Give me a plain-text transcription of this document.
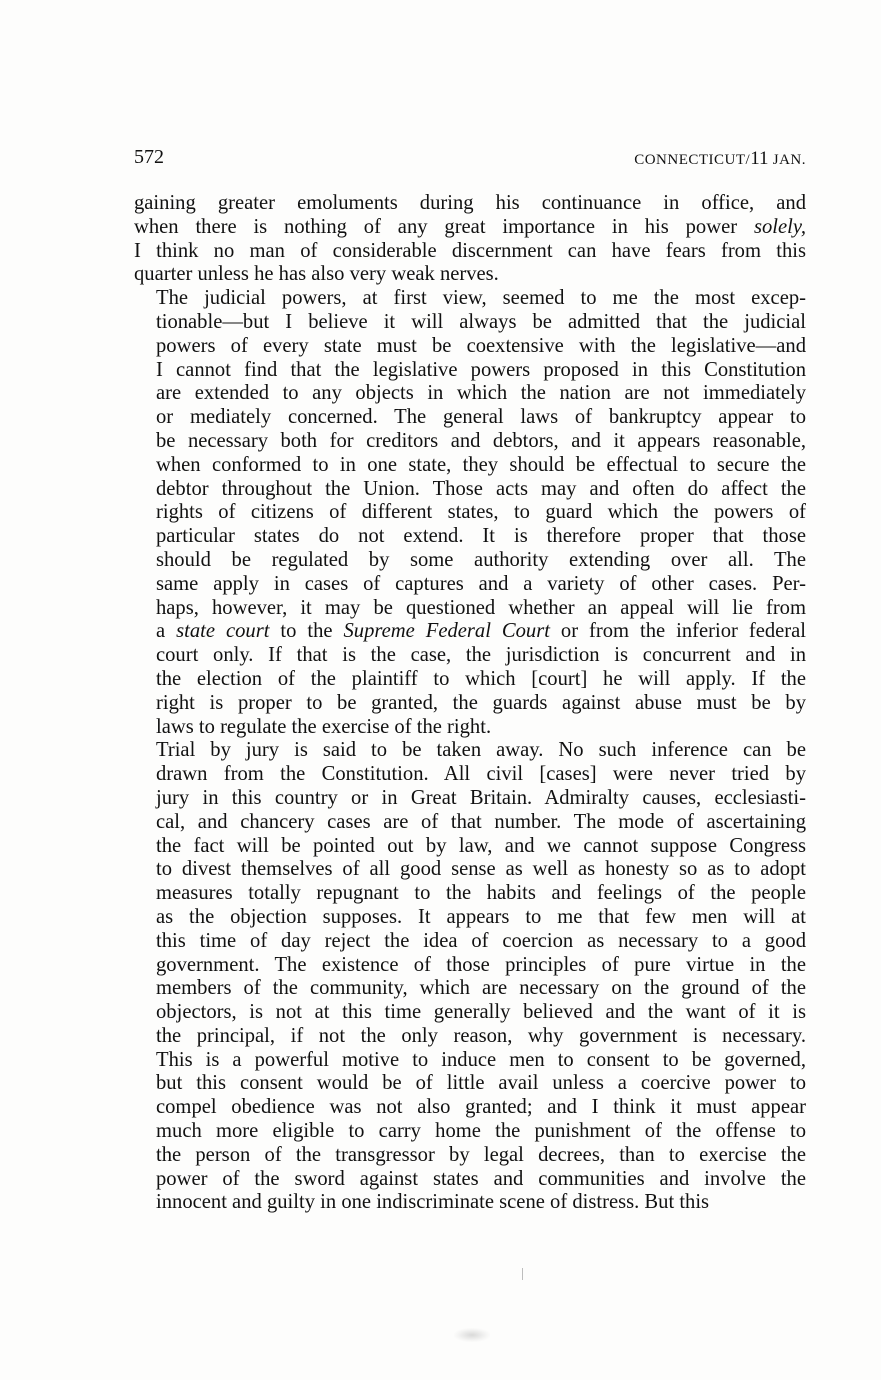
572	CONNECTICUT/11 JAN.

gaining greater emoluments during his continuance in office, and
when there is nothing of any great importance in his power solely,
I think no man of considerable discernment can have fears from this
quarter unless he has also very weak nerves.

The judicial powers, at first view, seemed to me the most excep-
tionable—but I believe it will always be admitted that the judicial
powers of every state must be coextensive with the legislative—and
I cannot find that the legislative powers proposed in this Constitution
are extended to any objects in which the nation are not immediately
or mediately concerned. The general laws of bankruptcy appear to
be necessary both for creditors and debtors, and it appears reasonable,
when conformed to in one state, they should be effectual to secure the
debtor throughout the Union. Those acts may and often do affect the
rights of citizens of different states, to guard which the powers of
particular states do not extend. It is therefore proper that those
should be regulated by some authority extending over all. The
same apply in cases of captures and a variety of other cases. Per-
haps, however, it may be questioned whether an appeal will lie from
a state court to the Supreme Federal Court or from the inferior federal
court only. If that is the case, the jurisdiction is concurrent and in
the election of the plaintiff to which [court] he will apply. If the
right is proper to be granted, the guards against abuse must be by
laws to regulate the exercise of the right.

Trial by jury is said to be taken away. No such inference can be
drawn from the Constitution. All civil [cases] were never tried by
jury in this country or in Great Britain. Admiralty causes, ecclesiasti-
cal, and chancery cases are of that number. The mode of ascertaining
the fact will be pointed out by law, and we cannot suppose Congress
to divest themselves of all good sense as well as honesty so as to adopt
measures totally repugnant to the habits and feelings of the people
as the objection supposes. It appears to me that few men will at
this time of day reject the idea of coercion as necessary to a good
government. The existence of those principles of pure virtue in the
members of the community, which are necessary on the ground of the
objectors, is not at this time generally believed and the want of it is
the principal, if not the only reason, why government is necessary.
This is a powerful motive to induce men to consent to be governed,
but this consent would be of little avail unless a coercive power to
compel obedience was not also granted; and I think it must appear
much more eligible to carry home the punishment of the offense to
the person of the transgressor by legal decrees, than to exercise the
power of the sword against states and communities and involve the
innocent and guilty in one indiscriminate scene of distress. But this
